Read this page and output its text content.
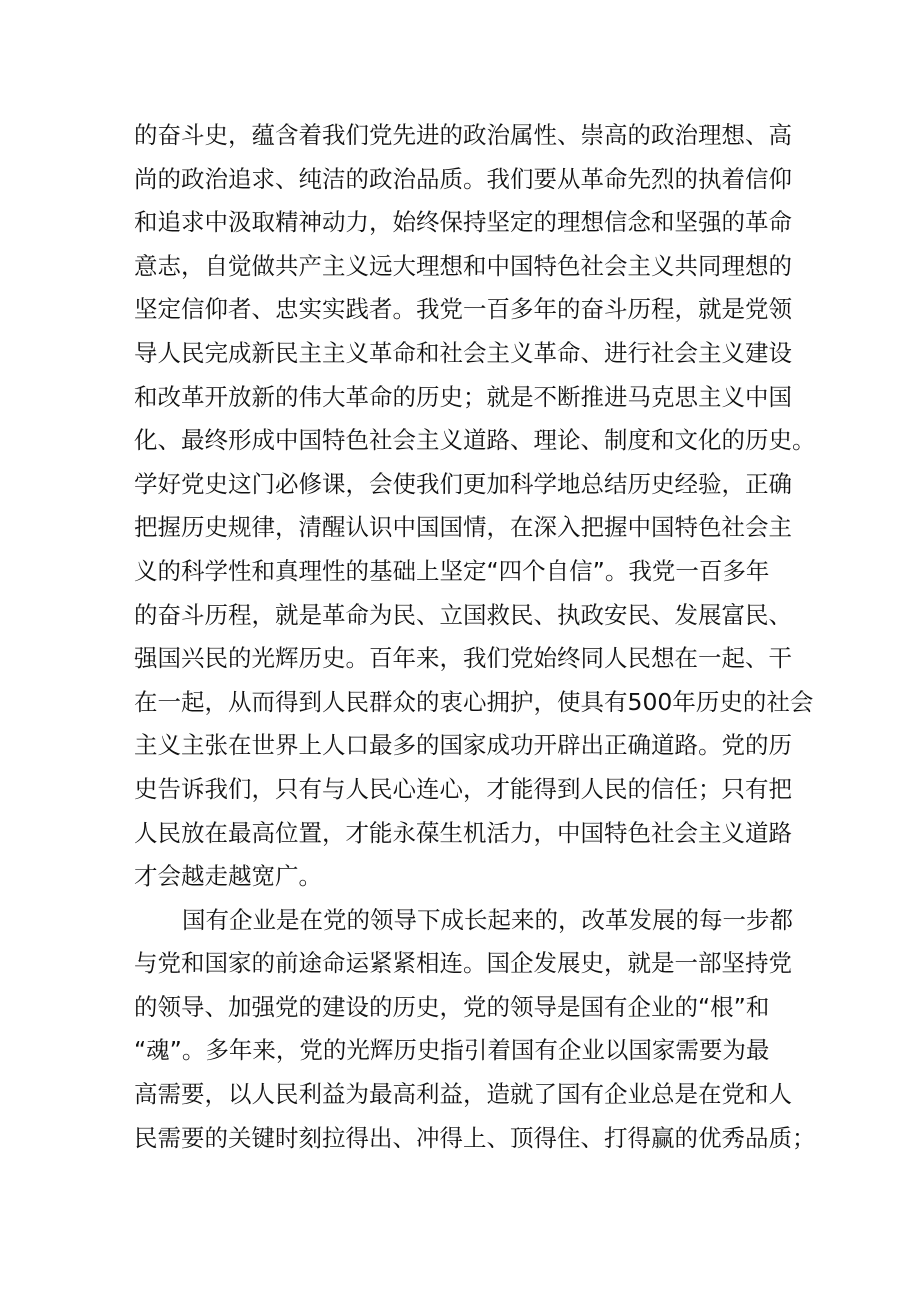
的奋斗史，蕴含着我们党先进的政治属性、崇高的政治理想、高
尚的政治追求、纯洁的政治品质。我们要从革命先烈的执着信仰
和追求中汲取精神动力，始终保持坚定的理想信念和坚强的革命
意志，自觉做共产主义远大理想和中国特色社会主义共同理想的
坚定信仰者、忠实实践者。我党一百多年的奋斗历程，就是党领
导人民完成新民主主义革命和社会主义革命、进行社会主义建设
和改革开放新的伟大革命的历史；就是不断推进马克思主义中国
化、最终形成中国特色社会主义道路、理论、制度和文化的历史。
学好党史这门必修课，会使我们更加科学地总结历史经验，正确
把握历史规律，清醒认识中国国情，在深入把握中国特色社会主
义的科学性和真理性的基础上坚定“四个自信”。我党一百多年
的奋斗历程，就是革命为民、立国救民、执政安民、发展富民、
强国兴民的光辉历史。百年来，我们党始终同人民想在一起、干
在一起，从而得到人民群众的衷心拥护，使具有500年历史的社会
主义主张在世界上人口最多的国家成功开辟出正确道路。党的历
史告诉我们，只有与人民心连心，才能得到人民的信任；只有把
人民放在最高位置，才能永葆生机活力，中国特色社会主义道路
才会越走越宽广。
国有企业是在党的领导下成长起来的，改革发展的每一步都
与党和国家的前途命运紧紧相连。国企发展史，就是一部坚持党
的领导、加强党的建设的历史，党的领导是国有企业的“根”和
“魂”。多年来，党的光辉历史指引着国有企业以国家需要为最
高需要，以人民利益为最高利益，造就了国有企业总是在党和人
民需要的关键时刻拉得出、冲得上、顶得住、打得赢的优秀品质；
